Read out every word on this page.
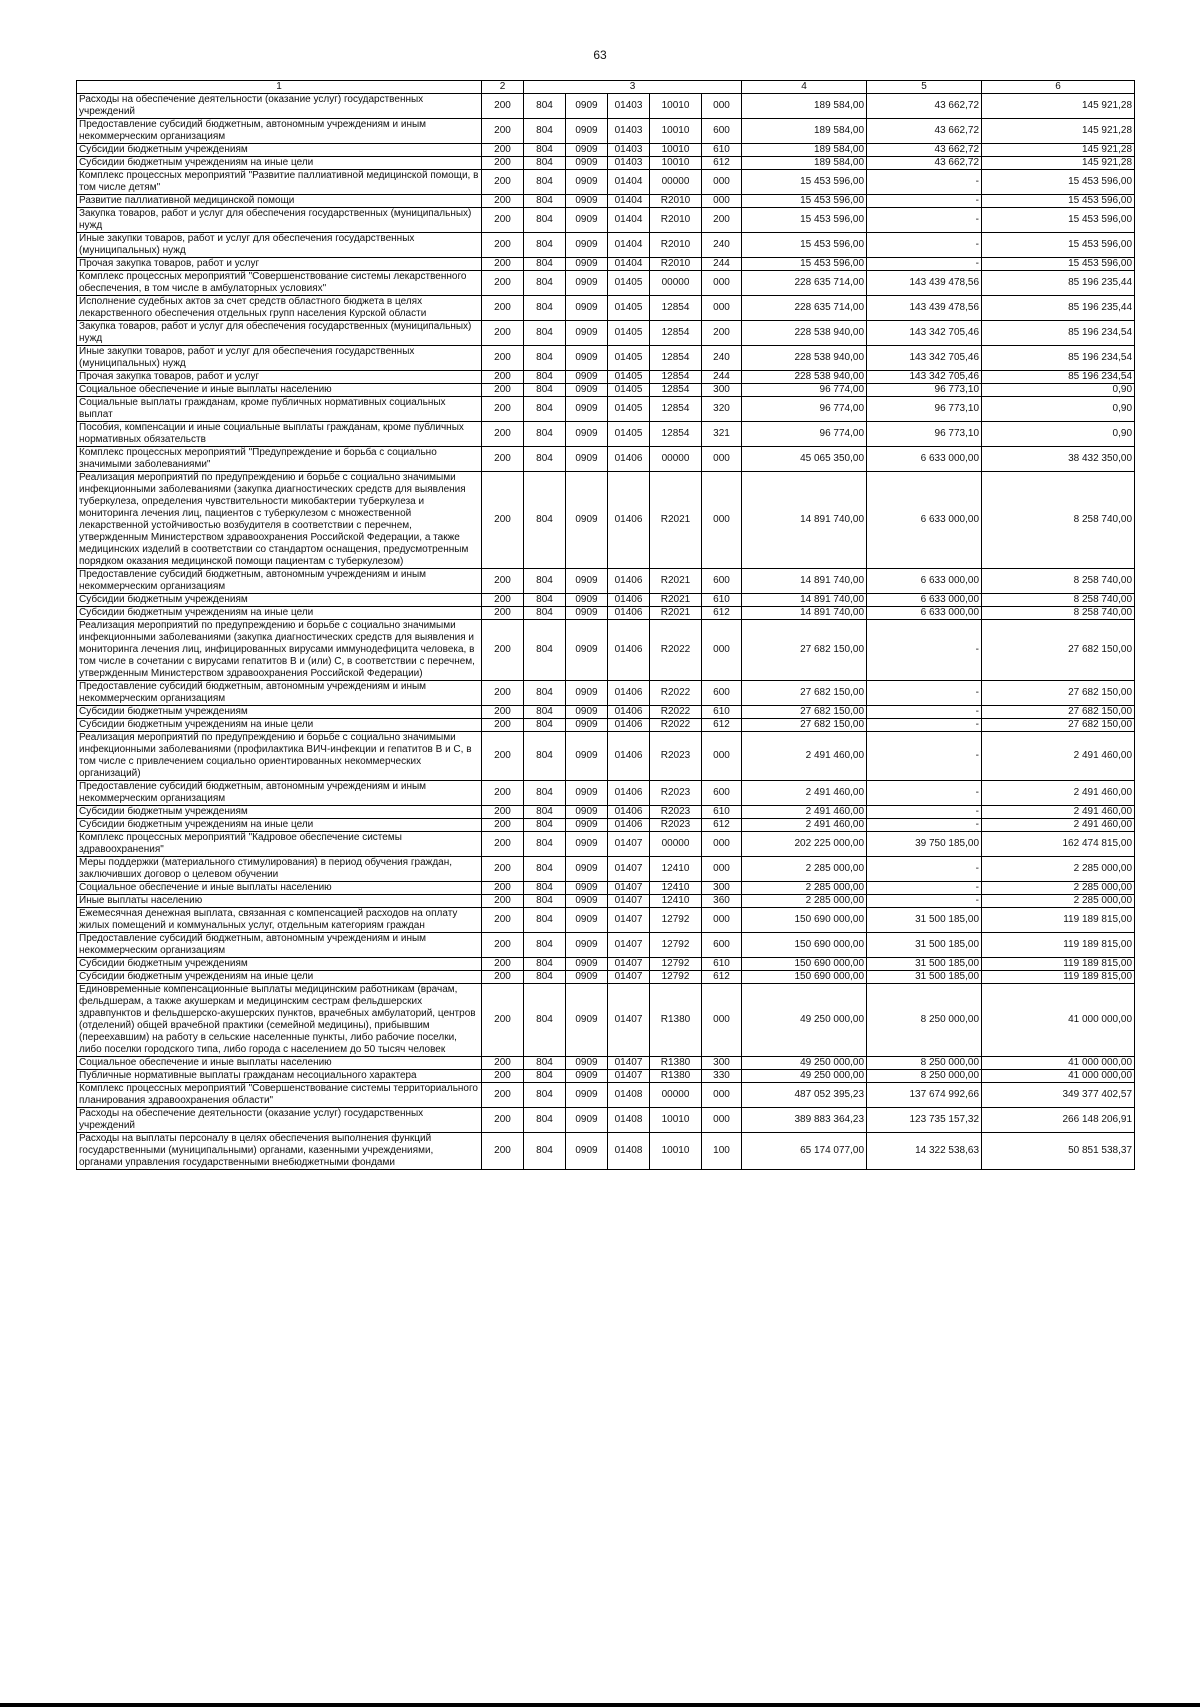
63
1	2	3					4	5	6
Расходы на обеспечение деятельности (оказание услуг) государственных учреждений	200	804	0909	01403	10010	000	189 584,00	43 662,72	145 921,28
Предоставление субсидий бюджетным, автономным учреждениям и иным некоммерческим организациям	200	804	0909	01403	10010	600	189 584,00	43 662,72	145 921,28
Субсидии бюджетным учреждениям	200	804	0909	01403	10010	610	189 584,00	43 662,72	145 921,28
Субсидии бюджетным учреждениям на иные цели	200	804	0909	01403	10010	612	189 584,00	43 662,72	145 921,28
Комплекс процессных мероприятий "Развитие паллиативной медицинской помощи, в том числе детям"	200	804	0909	01404	00000	000	15 453 596,00	-	15 453 596,00
Развитие паллиативной медицинской помощи	200	804	0909	01404	R2010	000	15 453 596,00	-	15 453 596,00
Закупка товаров, работ и услуг для обеспечения государственных (муниципальных) нужд	200	804	0909	01404	R2010	200	15 453 596,00	-	15 453 596,00
Иные закупки товаров, работ и услуг для обеспечения государственных (муниципальных) нужд	200	804	0909	01404	R2010	240	15 453 596,00	-	15 453 596,00
Прочая закупка товаров, работ и услуг	200	804	0909	01404	R2010	244	15 453 596,00	-	15 453 596,00
Комплекс процессных мероприятий "Совершенствование системы лекарственного обеспечения, в том числе в амбулаторных условиях"	200	804	0909	01405	00000	000	228 635 714,00	143 439 478,56	85 196 235,44
Исполнение судебных актов за счет средств областного бюджета в целях лекарственного обеспечения отдельных групп населения Курской области	200	804	0909	01405	12854	000	228 635 714,00	143 439 478,56	85 196 235,44
Закупка товаров, работ и услуг для обеспечения государственных (муниципальных) нужд	200	804	0909	01405	12854	200	228 538 940,00	143 342 705,46	85 196 234,54
Иные закупки товаров, работ и услуг для обеспечения государственных (муниципальных) нужд	200	804	0909	01405	12854	240	228 538 940,00	143 342 705,46	85 196 234,54
Прочая закупка товаров, работ и услуг	200	804	0909	01405	12854	244	228 538 940,00	143 342 705,46	85 196 234,54
Социальное обеспечение и иные выплаты населению	200	804	0909	01405	12854	300	96 774,00	96 773,10	0,90
Социальные выплаты гражданам, кроме публичных нормативных социальных выплат	200	804	0909	01405	12854	320	96 774,00	96 773,10	0,90
Пособия, компенсации и иные социальные выплаты гражданам, кроме публичных нормативных обязательств	200	804	0909	01405	12854	321	96 774,00	96 773,10	0,90
Комплекс процессных мероприятий "Предупреждение и борьба с социально значимыми заболеваниями"	200	804	0909	01406	00000	000	45 065 350,00	6 633 000,00	38 432 350,00
Реализация мероприятий по предупреждению и борьбе с социально значимыми инфекционными заболеваниями (закупка диагностических средств для выявления туберкулеза, определения чувствительности микобактерии туберкулеза и мониторинга лечения лиц, пациентов с туберкулезом с множественной лекарственной устойчивостью возбудителя в соответствии с перечнем, утвержденным Министерством здравоохранения Российской Федерации, а также медицинских изделий в соответствии со стандартом оснащения, предусмотренным порядком оказания медицинской помощи пациентам с туберкулезом)	200	804	0909	01406	R2021	000	14 891 740,00	6 633 000,00	8 258 740,00
Предоставление субсидий бюджетным, автономным учреждениям и иным некоммерческим организациям	200	804	0909	01406	R2021	600	14 891 740,00	6 633 000,00	8 258 740,00
Субсидии бюджетным учреждениям	200	804	0909	01406	R2021	610	14 891 740,00	6 633 000,00	8 258 740,00
Субсидии бюджетным учреждениям на иные цели	200	804	0909	01406	R2021	612	14 891 740,00	6 633 000,00	8 258 740,00
Реализация мероприятий по предупреждению и борьбе с социально значимыми инфекционными заболеваниями (закупка диагностических средств для выявления и мониторинга лечения лиц, инфицированных вирусами иммунодефицита человека, в том числе в сочетании с вирусами гепатитов B и (или) C, в соответствии с перечнем, утвержденным Министерством здравоохранения Российской Федерации)	200	804	0909	01406	R2022	000	27 682 150,00	-	27 682 150,00
Предоставление субсидий бюджетным, автономным учреждениям и иным некоммерческим организациям	200	804	0909	01406	R2022	600	27 682 150,00	-	27 682 150,00
Субсидии бюджетным учреждениям	200	804	0909	01406	R2022	610	27 682 150,00	-	27 682 150,00
Субсидии бюджетным учреждениям на иные цели	200	804	0909	01406	R2022	612	27 682 150,00	-	27 682 150,00
Реализация мероприятий по предупреждению и борьбе с социально значимыми инфекционными заболеваниями (профилактика ВИЧ-инфекции и гепатитов B и C, в том числе с привлечением социально ориентированных некоммерческих организаций)	200	804	0909	01406	R2023	000	2 491 460,00	-	2 491 460,00
Предоставление субсидий бюджетным, автономным учреждениям и иным некоммерческим организациям	200	804	0909	01406	R2023	600	2 491 460,00	-	2 491 460,00
Субсидии бюджетным учреждениям	200	804	0909	01406	R2023	610	2 491 460,00	-	2 491 460,00
Субсидии бюджетным учреждениям на иные цели	200	804	0909	01406	R2023	612	2 491 460,00	-	2 491 460,00
Комплекс процессных мероприятий "Кадровое обеспечение системы здравоохранения"	200	804	0909	01407	00000	000	202 225 000,00	39 750 185,00	162 474 815,00
Меры поддержки (материального стимулирования) в период обучения граждан, заключивших договор о целевом обучении	200	804	0909	01407	12410	000	2 285 000,00	-	2 285 000,00
Социальное обеспечение и иные выплаты населению	200	804	0909	01407	12410	300	2 285 000,00	-	2 285 000,00
Иные выплаты населению	200	804	0909	01407	12410	360	2 285 000,00	-	2 285 000,00
Ежемесячная денежная выплата, связанная с компенсацией расходов на оплату жилых помещений и коммунальных услуг, отдельным категориям граждан	200	804	0909	01407	12792	000	150 690 000,00	31 500 185,00	119 189 815,00
Предоставление субсидий бюджетным, автономным учреждениям и иным некоммерческим организациям	200	804	0909	01407	12792	600	150 690 000,00	31 500 185,00	119 189 815,00
Субсидии бюджетным учреждениям	200	804	0909	01407	12792	610	150 690 000,00	31 500 185,00	119 189 815,00
Субсидии бюджетным учреждениям на иные цели	200	804	0909	01407	12792	612	150 690 000,00	31 500 185,00	119 189 815,00
Единовременные компенсационные выплаты медицинским работникам (врачам, фельдшерам, а также акушеркам и медицинским сестрам фельдшерских здравпунктов и фельдшерско-акушерских пунктов, врачебных амбулаторий, центров (отделений) общей врачебной практики (семейной медицины), прибывшим (переехавшим) на работу в сельские населенные пункты, либо рабочие поселки, либо поселки городского типа, либо города с населением до 50 тысяч человек	200	804	0909	01407	R1380	000	49 250 000,00	8 250 000,00	41 000 000,00
Социальное обеспечение и иные выплаты населению	200	804	0909	01407	R1380	300	49 250 000,00	8 250 000,00	41 000 000,00
Публичные нормативные выплаты гражданам несоциального характера	200	804	0909	01407	R1380	330	49 250 000,00	8 250 000,00	41 000 000,00
Комплекс процессных мероприятий "Совершенствование системы территориального планирования здравоохранения области"	200	804	0909	01408	00000	000	487 052 395,23	137 674 992,66	349 377 402,57
Расходы на обеспечение деятельности (оказание услуг) государственных учреждений	200	804	0909	01408	10010	000	389 883 364,23	123 735 157,32	266 148 206,91
Расходы на выплаты персоналу в целях обеспечения выполнения функций государственными (муниципальными) органами, казенными учреждениями, органами управления государственными внебюджетными фондами	200	804	0909	01408	10010	100	65 174 077,00	14 322 538,63	50 851 538,37
